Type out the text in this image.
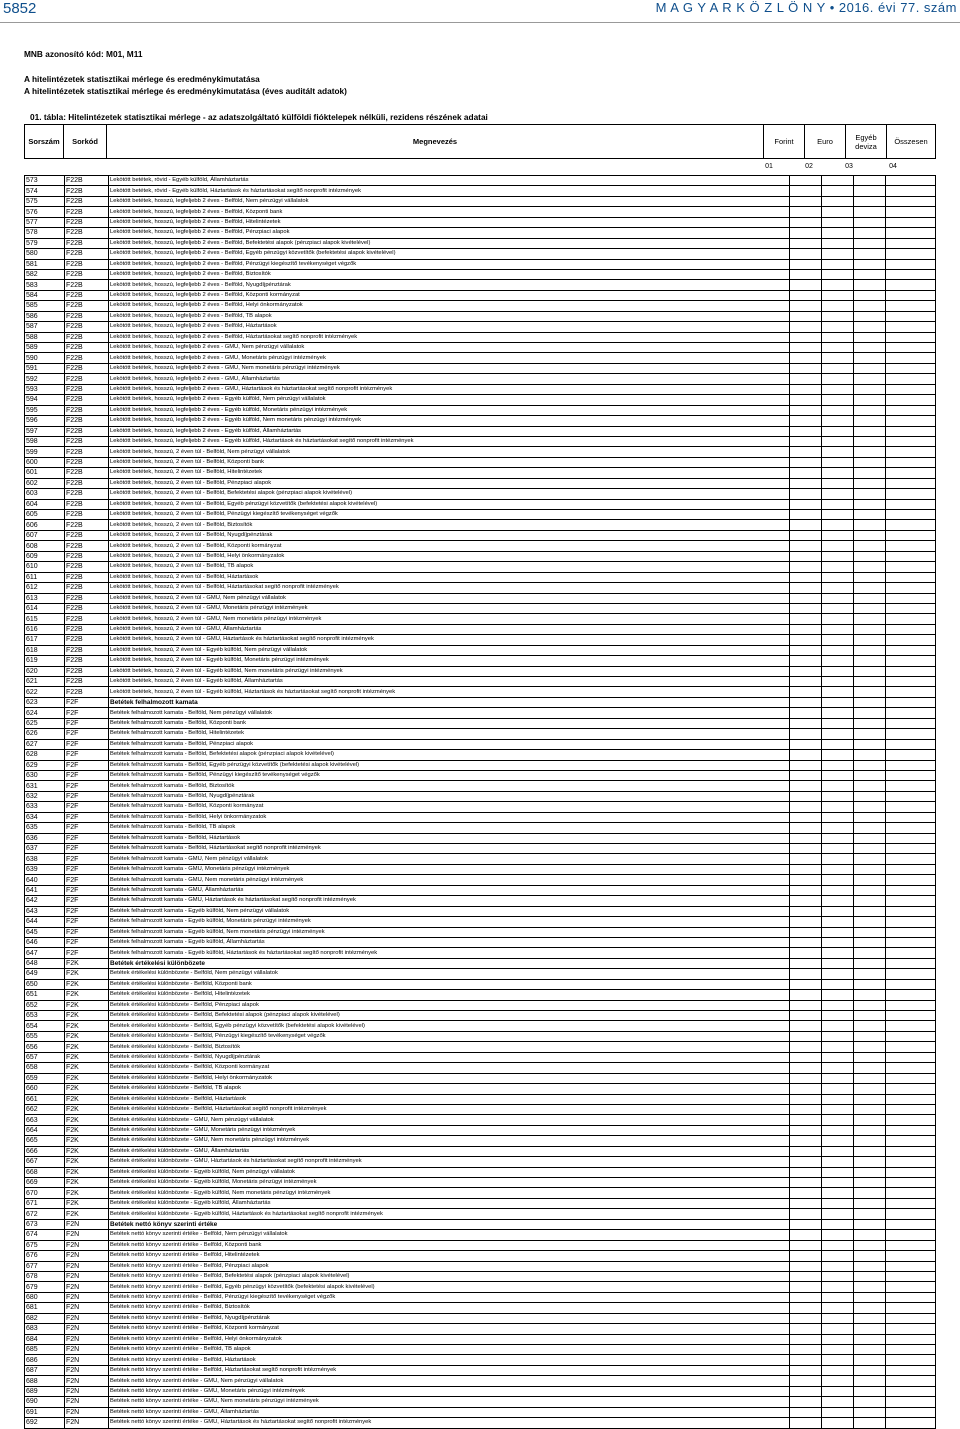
5852	M A G Y A R K Ö Z L Ö N Y • 2016. évi 77. szám
MNB azonosító kód: M01, M11
A hitelintézetek statisztikai mérlege és eredménykimutatása
A hitelintézetek statisztikai mérlege és eredménykimutatása (éves auditált adatok)
01. tábla: Hitelintézetek statisztikai mérlege - az adatszolgáltató külföldi fióktelepek nélküli, rezidens részének adatai
Sorszám	Sorkód	Megnevezés	Forint	Euro	Egyéb deviza	Összesen
01	02	03	04
573	F22B	Lekötött betétek, rövid - Egyéb külföld, Államháztartás				
574	F22B	Lekötött betétek, rövid - Egyéb külföld, Háztartások és háztartásokat segítő nonprofit intézmények				
575	F22B	Lekötött betétek, hosszú, legfeljebb 2 éves - Belföld, Nem pénzügyi vállalatok				
576	F22B	Lekötött betétek, hosszú, legfeljebb 2 éves - Belföld, Központi bank				
577	F22B	Lekötött betétek, hosszú, legfeljebb 2 éves - Belföld, Hitelintézetek				
578	F22B	Lekötött betétek, hosszú, legfeljebb 2 éves - Belföld, Pénzpiaci alapok				
579	F22B	Lekötött betétek, hosszú, legfeljebb 2 éves - Belföld, Befektetési alapok (pénzpiaci alapok kivételével)				
580	F22B	Lekötött betétek, hosszú, legfeljebb 2 éves - Belföld, Egyéb pénzügyi közvetítők (befektetési alapok kivételével)				
581	F22B	Lekötött betétek, hosszú, legfeljebb 2 éves - Belföld, Pénzügyi kiegészítő tevékenységet végzők				
582	F22B	Lekötött betétek, hosszú, legfeljebb 2 éves - Belföld, Biztosítók				
583	F22B	Lekötött betétek, hosszú, legfeljebb 2 éves - Belföld, Nyugdíjpénztárak				
584	F22B	Lekötött betétek, hosszú, legfeljebb 2 éves - Belföld, Központi kormányzat				
585	F22B	Lekötött betétek, hosszú, legfeljebb 2 éves - Belföld, Helyi önkormányzatok				
586	F22B	Lekötött betétek, hosszú, legfeljebb 2 éves - Belföld, TB alapok				
587	F22B	Lekötött betétek, hosszú, legfeljebb 2 éves - Belföld, Háztartások				
588	F22B	Lekötött betétek, hosszú, legfeljebb 2 éves - Belföld, Háztartásokat segítő nonprofit intézmények				
589	F22B	Lekötött betétek, hosszú, legfeljebb 2 éves - GMU, Nem pénzügyi vállalatok				
590	F22B	Lekötött betétek, hosszú, legfeljebb 2 éves - GMU, Monetáris pénzügyi intézmények				
591	F22B	Lekötött betétek, hosszú, legfeljebb 2 éves - GMU, Nem monetáris pénzügyi intézmények				
592	F22B	Lekötött betétek, hosszú, legfeljebb 2 éves - GMU, Államháztartás				
593	F22B	Lekötött betétek, hosszú, legfeljebb 2 éves - GMU, Háztartások és háztartásokat segítő nonprofit intézmények				
594	F22B	Lekötött betétek, hosszú, legfeljebb 2 éves - Egyéb külföld, Nem pénzügyi vállalatok				
595	F22B	Lekötött betétek, hosszú, legfeljebb 2 éves - Egyéb külföld, Monetáris pénzügyi intézmények				
596	F22B	Lekötött betétek, hosszú, legfeljebb 2 éves - Egyéb külföld, Nem monetáris pénzügyi intézmények				
597	F22B	Lekötött betétek, hosszú, legfeljebb 2 éves - Egyéb külföld, Államháztartás				
598	F22B	Lekötött betétek, hosszú, legfeljebb 2 éves - Egyéb külföld, Háztartások és háztartásokat segítő nonprofit intézmények				
599	F22B	Lekötött betétek, hosszú, 2 éven túl - Belföld, Nem pénzügyi vállalatok				
600	F22B	Lekötött betétek, hosszú, 2 éven túl - Belföld, Központi bank				
601	F22B	Lekötött betétek, hosszú, 2 éven túl - Belföld, Hitelintézetek				
602	F22B	Lekötött betétek, hosszú, 2 éven túl - Belföld, Pénzpiaci alapok				
603	F22B	Lekötött betétek, hosszú, 2 éven túl - Belföld, Befektetési alapok (pénzpiaci alapok kivételével)				
604	F22B	Lekötött betétek, hosszú, 2 éven túl - Belföld, Egyéb pénzügyi közvetítők (befektetési alapok kivételével)				
605	F22B	Lekötött betétek, hosszú, 2 éven túl - Belföld, Pénzügyi kiegészítő tevékenységet végzők				
606	F22B	Lekötött betétek, hosszú, 2 éven túl - Belföld, Biztosítók				
607	F22B	Lekötött betétek, hosszú, 2 éven túl - Belföld, Nyugdíjpénztárak				
608	F22B	Lekötött betétek, hosszú, 2 éven túl - Belföld, Központi kormányzat				
609	F22B	Lekötött betétek, hosszú, 2 éven túl - Belföld, Helyi önkormányzatok				
610	F22B	Lekötött betétek, hosszú, 2 éven túl - Belföld, TB alapok				
611	F22B	Lekötött betétek, hosszú, 2 éven túl - Belföld, Háztartások				
612	F22B	Lekötött betétek, hosszú, 2 éven túl - Belföld, Háztartásokat segítő nonprofit intézmények				
613	F22B	Lekötött betétek, hosszú, 2 éven túl - GMU, Nem pénzügyi vállalatok				
614	F22B	Lekötött betétek, hosszú, 2 éven túl - GMU, Monetáris pénzügyi intézmények				
615	F22B	Lekötött betétek, hosszú, 2 éven túl - GMU, Nem monetáris pénzügyi intézmények				
616	F22B	Lekötött betétek, hosszú, 2 éven túl - GMU, Államháztartás				
617	F22B	Lekötött betétek, hosszú, 2 éven túl - GMU, Háztartások és háztartásokat segítő nonprofit intézmények				
618	F22B	Lekötött betétek, hosszú, 2 éven túl - Egyéb külföld, Nem pénzügyi vállalatok				
619	F22B	Lekötött betétek, hosszú, 2 éven túl - Egyéb külföld, Monetáris pénzügyi intézmények				
620	F22B	Lekötött betétek, hosszú, 2 éven túl - Egyéb külföld, Nem monetáris pénzügyi intézmények				
621	F22B	Lekötött betétek, hosszú, 2 éven túl - Egyéb külföld, Államháztartás				
622	F22B	Lekötött betétek, hosszú, 2 éven túl - Egyéb külföld, Háztartások és háztartásokat segítő nonprofit intézmények				
623	F2F	Betétek felhalmozott kamata				
624	F2F	Betétek felhalmozott kamata - Belföld, Nem pénzügyi vállalatok				
625	F2F	Betétek felhalmozott kamata - Belföld, Központi bank				
626	F2F	Betétek felhalmozott kamata - Belföld, Hitelintézetek				
627	F2F	Betétek felhalmozott kamata - Belföld, Pénzpiaci alapok				
628	F2F	Betétek felhalmozott kamata - Belföld, Befektetési alapok (pénzpiaci alapok kivételével)				
629	F2F	Betétek felhalmozott kamata - Belföld, Egyéb pénzügyi közvetítők (befektetési alapok kivételével)				
630	F2F	Betétek felhalmozott kamata - Belföld, Pénzügyi kiegészítő tevékenységet végzők				
631	F2F	Betétek felhalmozott kamata - Belföld, Biztosítók				
632	F2F	Betétek felhalmozott kamata - Belföld, Nyugdíjpénztárak				
633	F2F	Betétek felhalmozott kamata - Belföld, Központi kormányzat				
634	F2F	Betétek felhalmozott kamata - Belföld, Helyi önkormányzatok				
635	F2F	Betétek felhalmozott kamata - Belföld, TB alapok				
636	F2F	Betétek felhalmozott kamata - Belföld, Háztartások				
637	F2F	Betétek felhalmozott kamata - Belföld, Háztartásokat segítő nonprofit intézmények				
638	F2F	Betétek felhalmozott kamata - GMU, Nem pénzügyi vállalatok				
639	F2F	Betétek felhalmozott kamata - GMU, Monetáris pénzügyi intézmények				
640	F2F	Betétek felhalmozott kamata - GMU, Nem monetáris pénzügyi intézmények				
641	F2F	Betétek felhalmozott kamata - GMU, Államháztartás				
642	F2F	Betétek felhalmozott kamata - GMU, Háztartások és háztartásokat segítő nonprofit intézmények				
643	F2F	Betétek felhalmozott kamata - Egyéb külföld, Nem pénzügyi vállalatok				
644	F2F	Betétek felhalmozott kamata - Egyéb külföld, Monetáris pénzügyi intézmények				
645	F2F	Betétek felhalmozott kamata - Egyéb külföld, Nem monetáris pénzügyi intézmények				
646	F2F	Betétek felhalmozott kamata - Egyéb külföld, Államháztartás				
647	F2F	Betétek felhalmozott kamata - Egyéb külföld, Háztartások és háztartásokat segítő nonprofit intézmények				
648	F2K	Betétek értékelési különbözete				
649	F2K	Betétek értékelési különbözete - Belföld, Nem pénzügyi vállalatok				
650	F2K	Betétek értékelési különbözete - Belföld, Központi bank				
651	F2K	Betétek értékelési különbözete - Belföld, Hitelintézetek				
652	F2K	Betétek értékelési különbözete - Belföld, Pénzpiaci alapok				
653	F2K	Betétek értékelési különbözete - Belföld, Befektetési alapok (pénzpiaci alapok kivételével)				
654	F2K	Betétek értékelési különbözete - Belföld, Egyéb pénzügyi közvetítők (befektetési alapok kivételével)				
655	F2K	Betétek értékelési különbözete - Belföld, Pénzügyi kiegészítő tevékenységet végzők				
656	F2K	Betétek értékelési különbözete - Belföld, Biztosítók				
657	F2K	Betétek értékelési különbözete - Belföld, Nyugdíjpénztárak				
658	F2K	Betétek értékelési különbözete - Belföld, Központi kormányzat				
659	F2K	Betétek értékelési különbözete - Belföld, Helyi önkormányzatok				
660	F2K	Betétek értékelési különbözete - Belföld, TB alapok				
661	F2K	Betétek értékelési különbözete - Belföld, Háztartások				
662	F2K	Betétek értékelési különbözete - Belföld, Háztartásokat segítő nonprofit intézmények				
663	F2K	Betétek értékelési különbözete - GMU, Nem pénzügyi vállalatok				
664	F2K	Betétek értékelési különbözete - GMU, Monetáris pénzügyi intézmények				
665	F2K	Betétek értékelési különbözete - GMU, Nem monetáris pénzügyi intézmények				
666	F2K	Betétek értékelési különbözete - GMU, Államháztartás				
667	F2K	Betétek értékelési különbözete - GMU, Háztartások és háztartásokat segítő nonprofit intézmények				
668	F2K	Betétek értékelési különbözete - Egyéb külföld, Nem pénzügyi vállalatok				
669	F2K	Betétek értékelési különbözete - Egyéb külföld, Monetáris pénzügyi intézmények				
670	F2K	Betétek értékelési különbözete - Egyéb külföld, Nem monetáris pénzügyi intézmények				
671	F2K	Betétek értékelési különbözete - Egyéb külföld, Államháztartás				
672	F2K	Betétek értékelési különbözete - Egyéb külföld, Háztartások és háztartásokat segítő nonprofit intézmények				
673	F2N	Betétek nettó könyv szerinti értéke				
674	F2N	Betétek nettó könyv szerinti értéke - Belföld, Nem pénzügyi vállalatok				
675	F2N	Betétek nettó könyv szerinti értéke - Belföld, Központi bank				
676	F2N	Betétek nettó könyv szerinti értéke - Belföld, Hitelintézetek				
677	F2N	Betétek nettó könyv szerinti értéke - Belföld, Pénzpiaci alapok				
678	F2N	Betétek nettó könyv szerinti értéke - Belföld, Befektetési alapok (pénzpiaci alapok kivételével)				
679	F2N	Betétek nettó könyv szerinti értéke - Belföld, Egyéb pénzügyi közvetítők (befektetési alapok kivételével)				
680	F2N	Betétek nettó könyv szerinti értéke - Belföld, Pénzügyi kiegészítő tevékenységet végzők				
681	F2N	Betétek nettó könyv szerinti értéke - Belföld, Biztosítók				
682	F2N	Betétek nettó könyv szerinti értéke - Belföld, Nyugdíjpénztárak				
683	F2N	Betétek nettó könyv szerinti értéke - Belföld, Központi kormányzat				
684	F2N	Betétek nettó könyv szerinti értéke - Belföld, Helyi önkormányzatok				
685	F2N	Betétek nettó könyv szerinti értéke - Belföld, TB alapok				
686	F2N	Betétek nettó könyv szerinti értéke - Belföld, Háztartások				
687	F2N	Betétek nettó könyv szerinti értéke - Belföld, Háztartásokat segítő nonprofit intézmények				
688	F2N	Betétek nettó könyv szerinti értéke - GMU, Nem pénzügyi vállalatok				
689	F2N	Betétek nettó könyv szerinti értéke - GMU, Monetáris pénzügyi intézmények				
690	F2N	Betétek nettó könyv szerinti értéke - GMU, Nem monetáris pénzügyi intézmények				
691	F2N	Betétek nettó könyv szerinti értéke - GMU, Államháztartás				
692	F2N	Betétek nettó könyv szerinti értéke - GMU, Háztartások és háztartásokat segítő nonprofit intézmények				
